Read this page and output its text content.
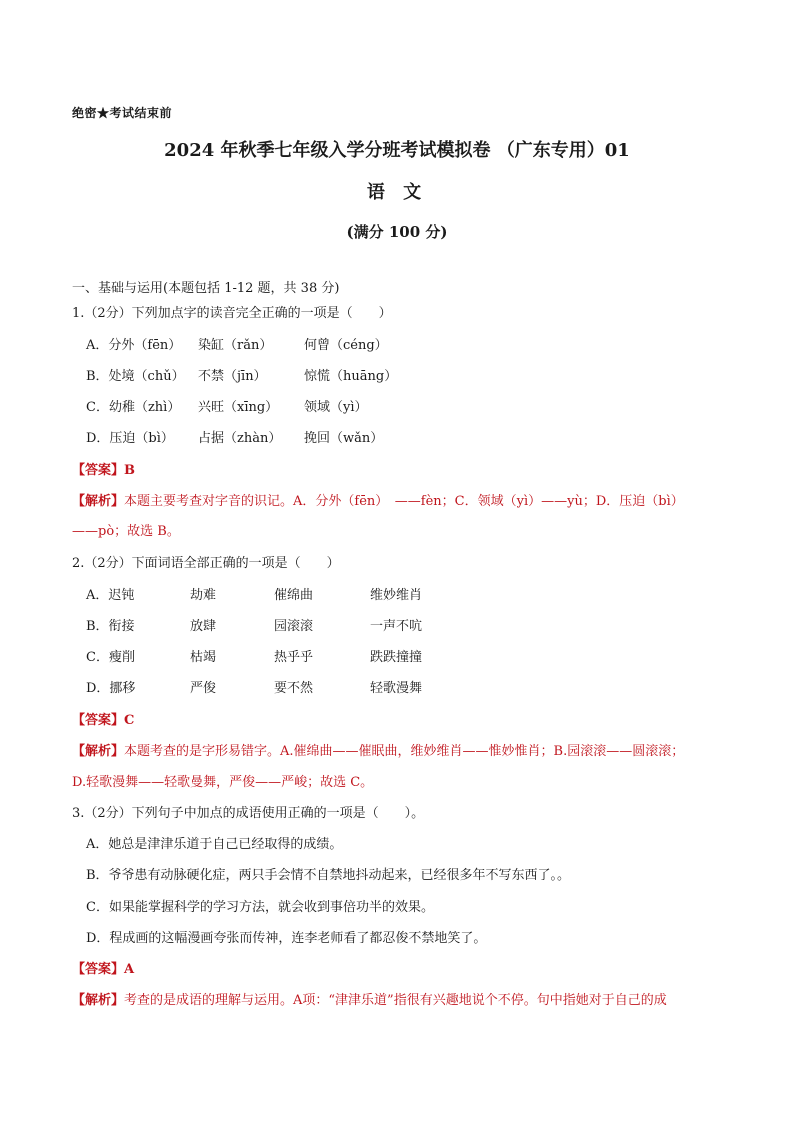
绝密★考试结束前
2024 年秋季七年级入学分班考试模拟卷 （广东专用）01
语 文
(满分 100 分)
一、基础与运用(本题包括 1-12 题，共 38 分)
1.（2分）下列加点字的读音完全正确的一项是（　　）
A．分外（fēn） 染缸（rǎn） 何曾（céng）
B．处境（chǔ） 不禁（jīn）	惊慌（huāng）
C．幼稚（zhì） 兴旺（xīng） 领域（yì）
D．压迫（bì） 占据（zhàn） 挽回（wǎn）
【答案】B
【解析】本题主要考查对字音的识记。A．分外（fēn）　——fèn；C．领域（yì）——yù；D．压迫（bì）
——pò；故选 B。
2.（2分）下面词语全部正确的一项是（　　）
A．迟钝	劫难	催绵曲	维妙维肖
B．衔接	放肆	园滚滚	一声不吭
C．瘦削	枯竭	热乎乎	跌跌撞撞
D．挪移	严俊	要不然	轻歌漫舞
【答案】C
【解析】本题考查的是字形易错字。A.催绵曲——催眠曲，维妙维肖——惟妙惟肖；B.园滚滚——圆滚滚；
D.轻歌漫舞——轻歌曼舞，严俊——严峻；故选 C。
3.（2分）下列句子中加点的成语使用正确的一项是（　　）。
A．她总是津津乐道于自己已经取得的成绩。
B．爷爷患有动脉硬化症，两只手会情不自禁地抖动起来，已经很多年不写东西了。。
C．如果能掌握科学的学习方法，就会收到事倍功半的效果。
D．程成画的这幅漫画夸张而传神，连李老师看了都忍俊不禁地笑了。
【答案】A
【解析】考查的是成语的理解与运用。A项：“津津乐道”指很有兴趣地说个不停。句中指她对于自己的成
